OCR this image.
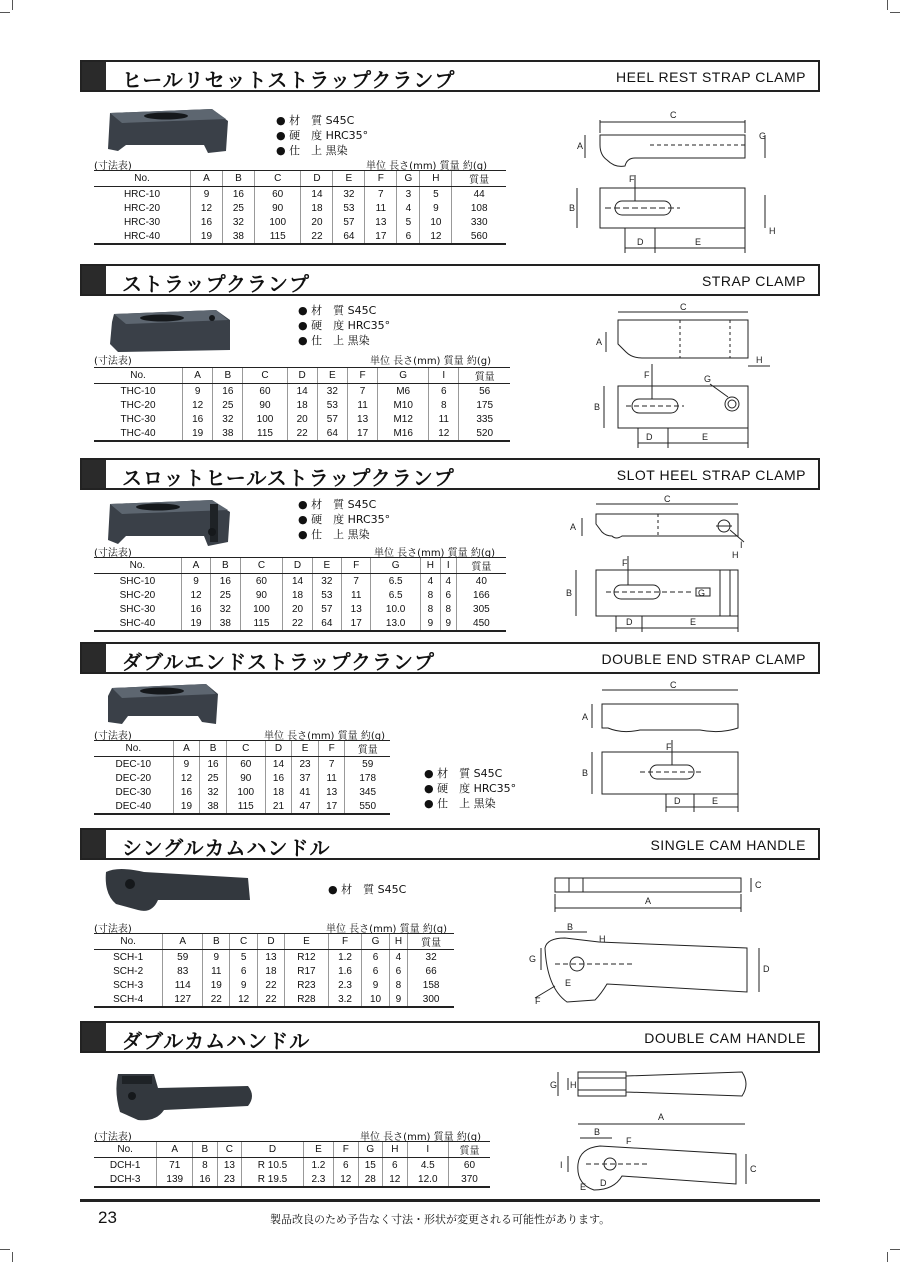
ヒールリセットストラップクランプ	HEEL REST STRAP CLAMP
● 材　質 S45C
● 硬　度 HRC35°
● 仕　上 黒染
(寸法表)	単位 長さ(mm) 質量 約(g)
No.	A	B	C	D	E	F	G	H	質量
HRC-10	9	16	60	14	32	7	3	5	44
HRC-20	12	25	90	18	53	11	4	9	108
HRC-30	16	32	100	20	57	13	5	10	330
HRC-40	19	38	115	22	64	17	6	12	560
C
A
G
B
H
D	E
F
ストラップクランプ	STRAP CLAMP
● 材　質 S45C
● 硬　度 HRC35°
● 仕　上 黒染
(寸法表)	単位 長さ(mm) 質量 約(g)
No.	A	B	C	D	E	F	G	I	質量
THC-10	9	16	60	14	32	7	M6	6	56
THC-20	12	25	90	18	53	11	M10	8	175
THC-30	16	32	100	20	57	13	M12	11	335
THC-40	19	38	115	22	64	17	M16	12	520
C
A
H
B
D	E
F	G
スロットヒールストラップクランプ	SLOT HEEL STRAP CLAMP
● 材　質 S45C
● 硬　度 HRC35°
● 仕　上 黒染
(寸法表)	単位 長さ(mm) 質量 約(g)
No.	A	B	C	D	E	F	G	H	I	質量
SHC-10	9	16	60	14	32	7	6.5	4	4	40
SHC-20	12	25	90	18	53	11	6.5	8	6	166
SHC-30	16	32	100	20	57	13	10.0	8	8	305
SHC-40	19	38	115	22	64	17	13.0	9	9	450
C
A
I
B
D	E
F
G
H
ダブルエンドストラップクランプ	DOUBLE END STRAP CLAMP
(寸法表)	単位 長さ(mm) 質量 約(g)
No.	A	B	C	D	E	F	質量
DEC-10	9	16	60	14	23	7	59
DEC-20	12	25	90	16	37	11	178
DEC-30	16	32	100	18	41	13	345
DEC-40	19	38	115	21	47	17	550
● 材　質 S45C
● 硬　度 HRC35°
● 仕　上 黒染
C
A
B
D	E
F
シングルカムハンドル	SINGLE CAM HANDLE
● 材　質 S45C
(寸法表)	単位 長さ(mm) 質量 約(g)
No.	A	B	C	D	E	F	G	H	質量
SCH-1	59	9	5	13	R12	1.2	6	4	32
SCH-2	83	11	6	18	R17	1.6	6	6	66
SCH-3	114	19	9	22	R23	2.3	9	8	158
SCH-4	127	22	12	22	R28	3.2	10	9	300
A
C
B
H
G
D
E
F
ダブルカムハンドル	DOUBLE CAM HANDLE
(寸法表)	単位 長さ(mm) 質量 約(g)
No.	A	B	C	D	E	F	G	H	I	質量
DCH-1	71	8	13	R 10.5	1.2	6	15	6	4.5	60
DCH-3	139	16	23	R 19.5	2.3	12	28	12	12.0	370
G H
A
B
F
C
I
E D
23	製品改良のため予告なく寸法・形状が変更される可能性があります。
